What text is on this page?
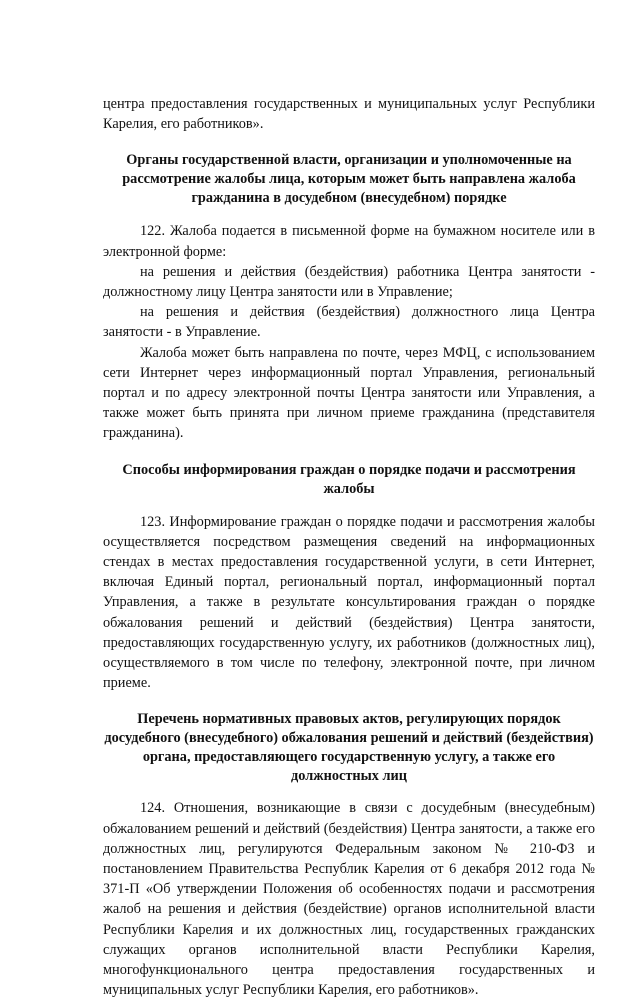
центра предоставления государственных и муниципальных услуг Республики Карелия, его работников».

Органы государственной власти, организации и уполномоченные на рассмотрение жалобы лица, которым может быть направлена жалоба гражданина в досудебном (внесудебном) порядке

122. Жалоба подается в письменной форме на бумажном носителе или в электронной форме:

на решения и действия (бездействия) работника Центра занятости - должностному лицу Центра занятости или в Управление;

на решения и действия (бездействия) должностного лица Центра занятости - в Управление.

Жалоба может быть направлена по почте, через МФЦ, с использованием сети Интернет через информационный портал Управления, региональный портал и по адресу электронной почты Центра занятости или Управления, а также может быть принята при личном приеме гражданина (представителя гражданина).

Способы информирования граждан о порядке подачи и рассмотрения жалобы

123. Информирование граждан о порядке подачи и рассмотрения жалобы осуществляется посредством размещения сведений на информационных стендах в местах предоставления государственной услуги, в сети Интернет, включая Единый портал, региональный портал, информационный портал Управления, а также в результате консультирования граждан о порядке обжалования решений и действий (бездействия) Центра занятости, предоставляющих государственную услугу, их работников (должностных лиц), осуществляемого в том числе по телефону, электронной почте, при личном приеме.

Перечень нормативных правовых актов, регулирующих порядок досудебного (внесудебного) обжалования решений и действий (бездействия) органа, предоставляющего государственную услугу, а также его должностных лиц

124. Отношения, возникающие в связи с досудебным (внесудебным) обжалованием решений и действий (бездействия) Центра занятости, а также его должностных лиц, регулируются Федеральным законом № 210-ФЗ и постановлением Правительства Республик Карелия от 6 декабря 2012 года № 371-П «Об утверждении Положения об особенностях подачи и рассмотрения жалоб на решения и действия (бездействие) органов исполнительной власти Республики Карелия и их должностных лиц, государственных гражданских служащих органов исполнительной власти Республики Карелия, многофункционального центра предоставления государственных и муниципальных услуг Республики Карелия, его работников».
